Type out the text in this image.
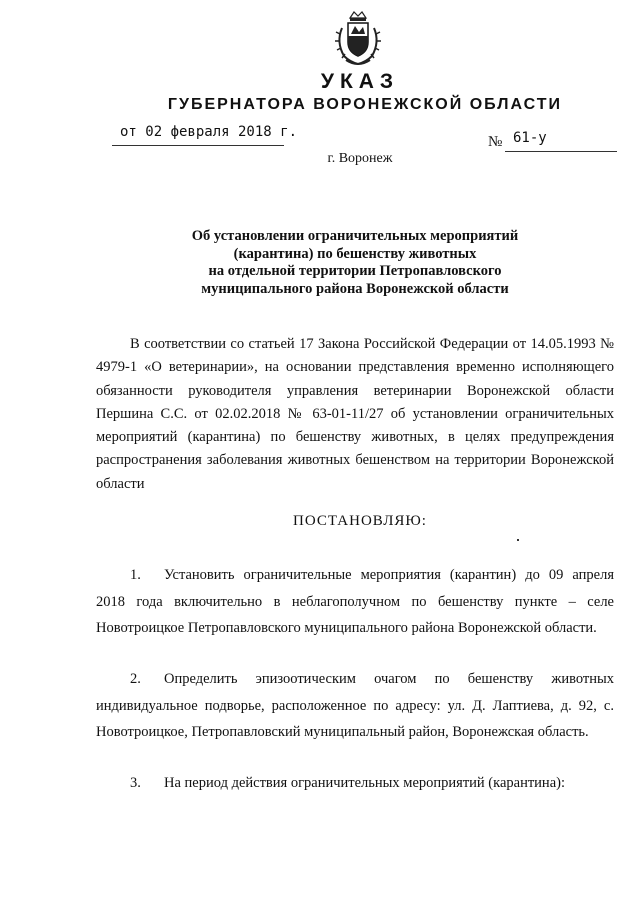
УКАЗ
ГУБЕРНАТОРА ВОРОНЕЖСКОЙ ОБЛАСТИ
от 02 февраля 2018 г.
№ 61-у
г. Воронеж
Об установлении ограничительных мероприятий
(карантина) по бешенству животных
на отдельной территории Петропавловского
муниципального района Воронежской области
В соответствии со статьей 17 Закона Российской Федерации от 14.05.1993 № 4979-1 «О ветеринарии», на основании представления временно исполняющего обязанности руководителя управления ветеринарии Воронежской области Першина С.С. от 02.02.2018 № 63-01-11/27 об установлении ограничительных мероприятий (карантина) по бешенству животных, в целях предупреждения распространения заболевания животных бешенством на территории Воронежской области
ПОСТАНОВЛЯЮ:
1. Установить ограничительные мероприятия (карантин) до 09 апреля 2018 года включительно в неблагополучном по бешенству пункте – селе Новотроицкое Петропавловского муниципального района Воронежской области.
2. Определить эпизоотическим очагом по бешенству животных индивидуальное подворье, расположенное по адресу: ул. Д. Лаптиева, д. 92, с. Новотроицкое, Петропавловский муниципальный район, Воронежская область.
3. На период действия ограничительных мероприятий (карантина):
